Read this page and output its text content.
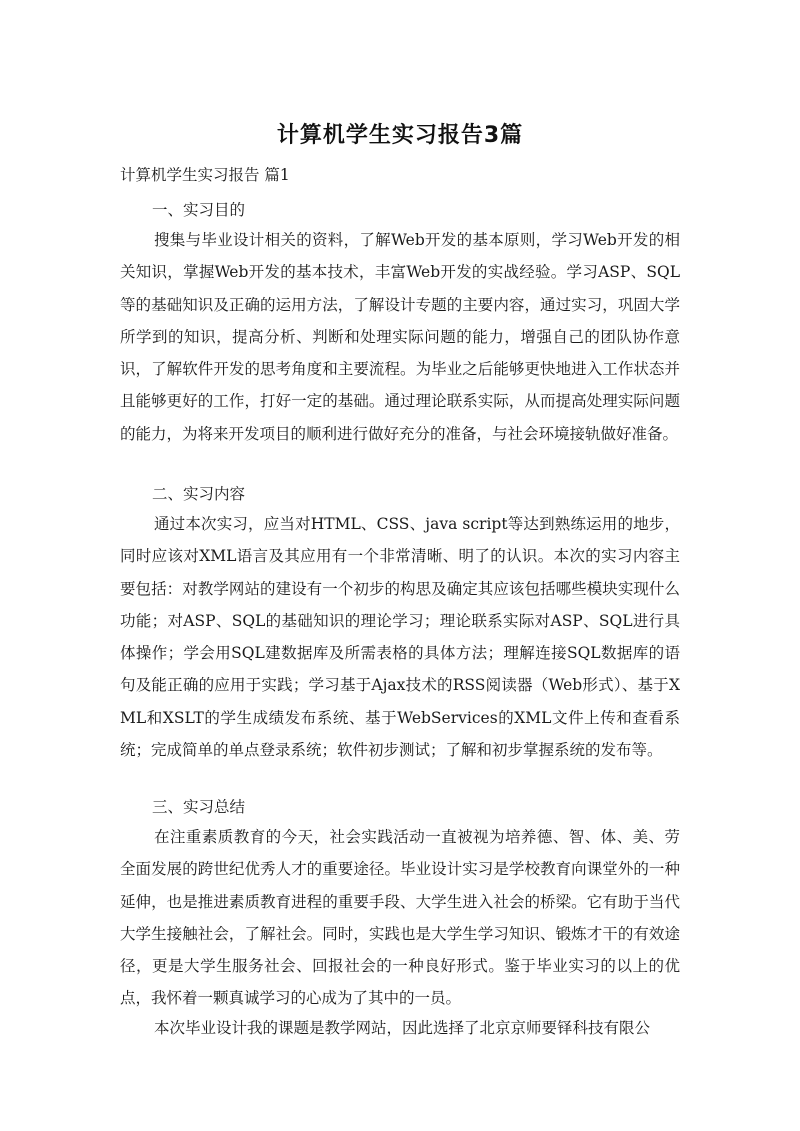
计算机学生实习报告3篇
计算机学生实习报告 篇1
一、实习目的

搜集与毕业设计相关的资料，了解Web开发的基本原则，学习Web开发的相关知识，掌握Web开发的基本技术，丰富Web开发的实战经验。学习ASP、SQL等的基础知识及正确的运用方法，了解设计专题的主要内容，通过实习，巩固大学所学到的知识，提高分析、判断和处理实际问题的能力，增强自己的团队协作意识，了解软件开发的思考角度和主要流程。为毕业之后能够更快地进入工作状态并且能够更好的工作，打好一定的基础。通过理论联系实际，从而提高处理实际问题的能力，为将来开发项目的顺利进行做好充分的准备，与社会环境接轨做好准备。

二、实习内容

通过本次实习，应当对HTML、CSS、java script等达到熟练运用的地步，同时应该对XML语言及其应用有一个非常清晰、明了的认识。本次的实习内容主要包括：对教学网站的建设有一个初步的构思及确定其应该包括哪些模块实现什么功能；对ASP、SQL的基础知识的理论学习；理论联系实际对ASP、SQL进行具体操作；学会用SQL建数据库及所需表格的具体方法；理解连接SQL数据库的语句及能正确的应用于实践；学习基于Ajax技术的RSS阅读器（Web形式）、基于XML和XSLT的学生成绩发布系统、基于WebServices的XML文件上传和查看系统；完成简单的单点登录系统；软件初步测试；了解和初步掌握系统的发布等。

三、实习总结

在注重素质教育的今天，社会实践活动一直被视为培养德、智、体、美、劳全面发展的跨世纪优秀人才的重要途径。毕业设计实习是学校教育向课堂外的一种延伸，也是推进素质教育进程的重要手段、大学生进入社会的桥梁。它有助于当代大学生接触社会，了解社会。同时，实践也是大学生学习知识、锻炼才干的有效途径，更是大学生服务社会、回报社会的一种良好形式。鉴于毕业实习的以上的优点，我怀着一颗真诚学习的心成为了其中的一员。

本次毕业设计我的课题是教学网站，因此选择了北京京师要铎科技有限公
